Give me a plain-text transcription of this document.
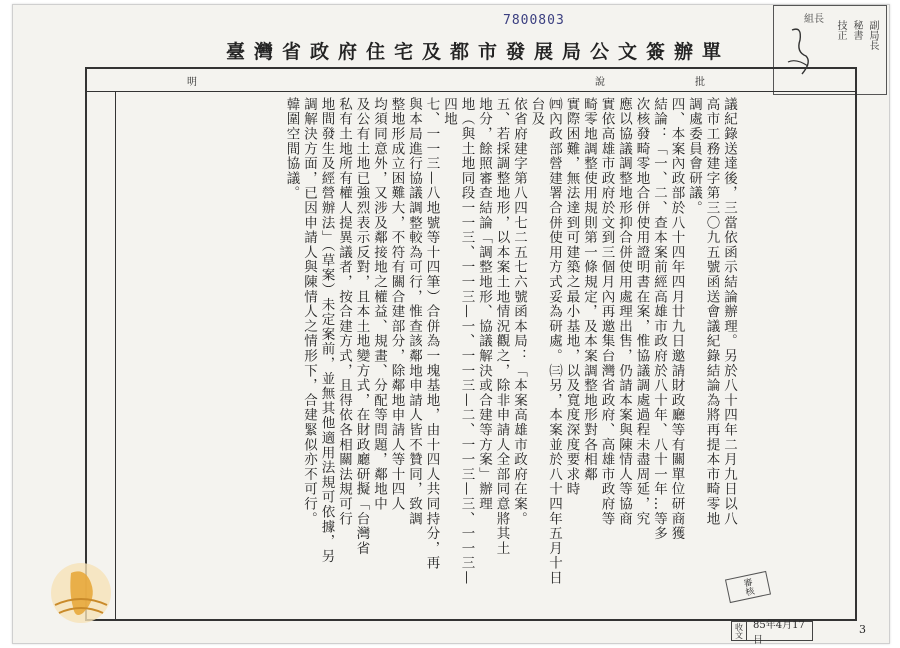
7800803
臺灣省政府住宅及都市發展局公文簽辦單
組長
副局長
秘書
技正
明	說	批

議紀錄送達後，三當依函示結論辦理。另於八十四年二月九日以八

高市工務建字第三〇九五號函送會議紀錄結論為將再提本市畸零地

調處委員會研議。

四、本案內政部於八十四年四月廿九日邀請財政廳等有關單位研商獲

結論：「一、二、查本案前經高雄市政府於八十年、八十一年…等多

次核發畸零地合併使用證明書在案，惟協議調處過程未盡周延，究

應以協議調整地形抑合併使用處理出售，仍請本案與陳情人等協商

實依高雄市政府於文到三個月內再邀集台灣省政府、高雄市政府等

畸零地調整使用規則第一條規定，及本案調整地形對各相鄰

實際困難，無法達到可建築之最小基地，以及寬度深度要求時

㈣內政部營建署合併使用方式妥為研處。㈢另，本案並於八十四年五月十日台及

依省府建字第八四七二五七六號函本局：「本案高雄市政府在案。

五、若採調整地形，以本案土地情況觀之，除非申請人全部同意將其土

地分，餘照審查結論「調整地形、協議解決或合建等方案」辦理

地（與土地同段一一三、一一三—一、一一三—二、一一三—三、一一三—四地

七、一一三—八地號等十四筆）合併為一塊基地，由十四人共同持分，再

與本局進行協議調整較為可行，惟查該鄰地申請人皆不贊同，致調

整地形成立困難大，不符有關合建部分，除鄰地申請人等十四人

均須同意外，又涉及鄰接地之權益、規畫、分配等問題，鄰地中

及公有土地已強烈表示反對，且本土地變方式，在財政廳研擬「台灣省

私有土地所有權人提異議者，按合建方式，且得依各相關法規可行

地間發生及經營辦法」（草案）未定案前，並無其他適用法規可依據，另

調解決方面，已因申請人與陳情人之情形下，合建緊似亦不可行。

韓圍空間協議。

審核
收文 85年4月17日
3
